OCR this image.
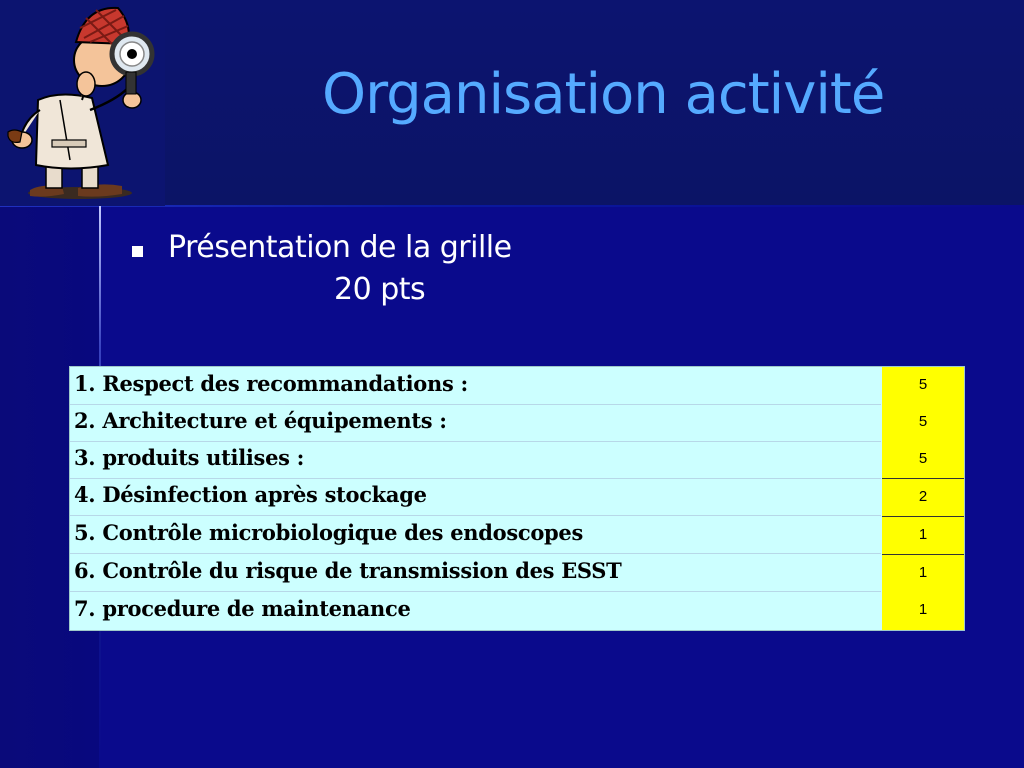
Organisation activité
Présentation de la grille
20 pts
1. Respect des recommandations :	5
2. Architecture et équipements :	5
3. produits utilises :	5
4. Désinfection après stockage	2
5. Contrôle microbiologique des endoscopes	1
6. Contrôle du risque de transmission des ESST	1
7. procedure de maintenance	1
